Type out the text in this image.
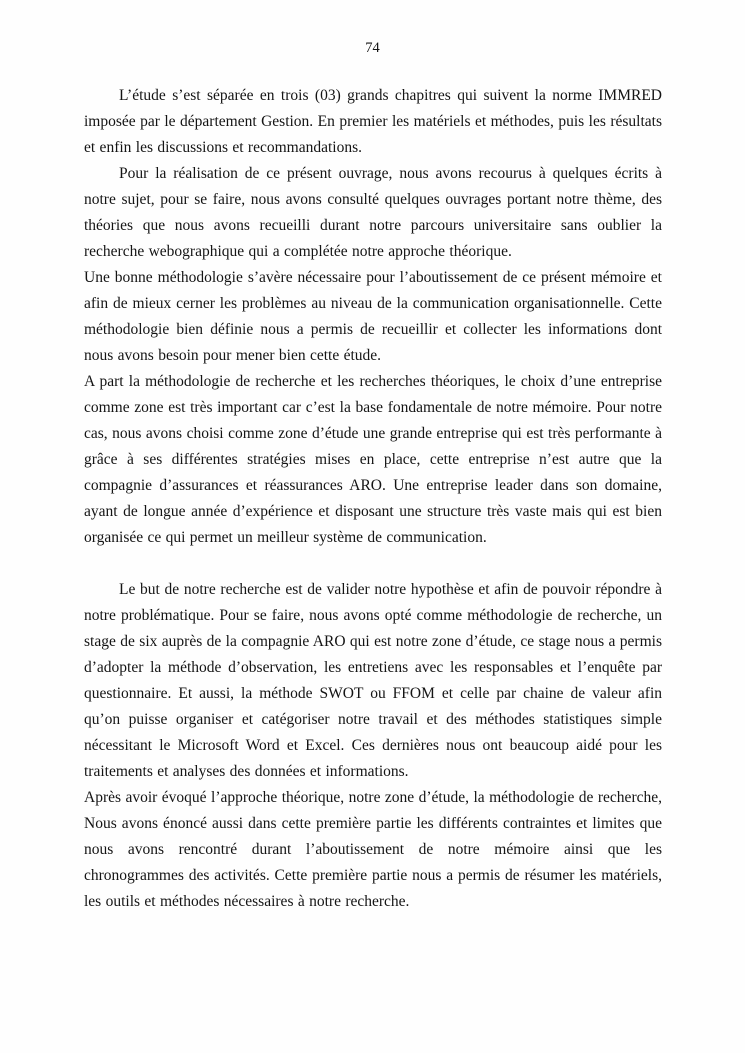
74

L’étude s’est séparée en trois (03) grands chapitres qui suivent la norme IMMRED imposée par le département Gestion. En premier les matériels et méthodes, puis les résultats et enfin les discussions et recommandations.

Pour la réalisation de ce présent ouvrage, nous avons recourus à quelques écrits à notre sujet, pour se faire, nous avons consulté quelques ouvrages portant notre thème, des théories que nous avons recueilli durant notre parcours universitaire sans oublier la recherche webographique qui a complétée notre approche théorique.

Une bonne méthodologie s’avère nécessaire pour l’aboutissement de ce présent mémoire et afin de mieux cerner les problèmes au niveau de la communication organisationnelle. Cette méthodologie bien définie nous a permis de recueillir et collecter les informations dont nous avons besoin pour mener bien cette étude.

A part la méthodologie de recherche et les recherches théoriques, le choix d’une entreprise comme zone est très important car c’est la base fondamentale de notre mémoire. Pour notre cas, nous avons choisi comme zone d’étude une grande entreprise qui est très performante à grâce à ses différentes stratégies mises en place, cette entreprise n’est autre que la compagnie d’assurances et réassurances ARO. Une entreprise leader dans son domaine, ayant de longue année d’expérience et disposant une structure très vaste mais qui est bien organisée ce qui permet un meilleur système de communication.

Le but de notre recherche est de valider notre hypothèse et afin de pouvoir répondre à notre problématique. Pour se faire, nous avons opté comme méthodologie de recherche, un stage de six auprès de la compagnie ARO qui est notre zone d’étude, ce stage nous a permis d’adopter la méthode d’observation, les entretiens avec les responsables et l’enquête par questionnaire. Et aussi, la méthode SWOT ou FFOM et celle par chaine de valeur afin qu’on puisse organiser et catégoriser notre travail et des méthodes statistiques simple nécessitant le Microsoft Word et Excel. Ces dernières nous ont beaucoup aidé pour les traitements et analyses des données et informations.

Après avoir évoqué l’approche théorique, notre zone d’étude, la méthodologie de recherche, Nous avons énoncé aussi dans cette première partie les différents contraintes et limites que nous avons rencontré durant l’aboutissement de notre mémoire ainsi que les chronogrammes des activités. Cette première partie nous a permis de résumer les matériels, les outils et méthodes nécessaires à notre recherche.
